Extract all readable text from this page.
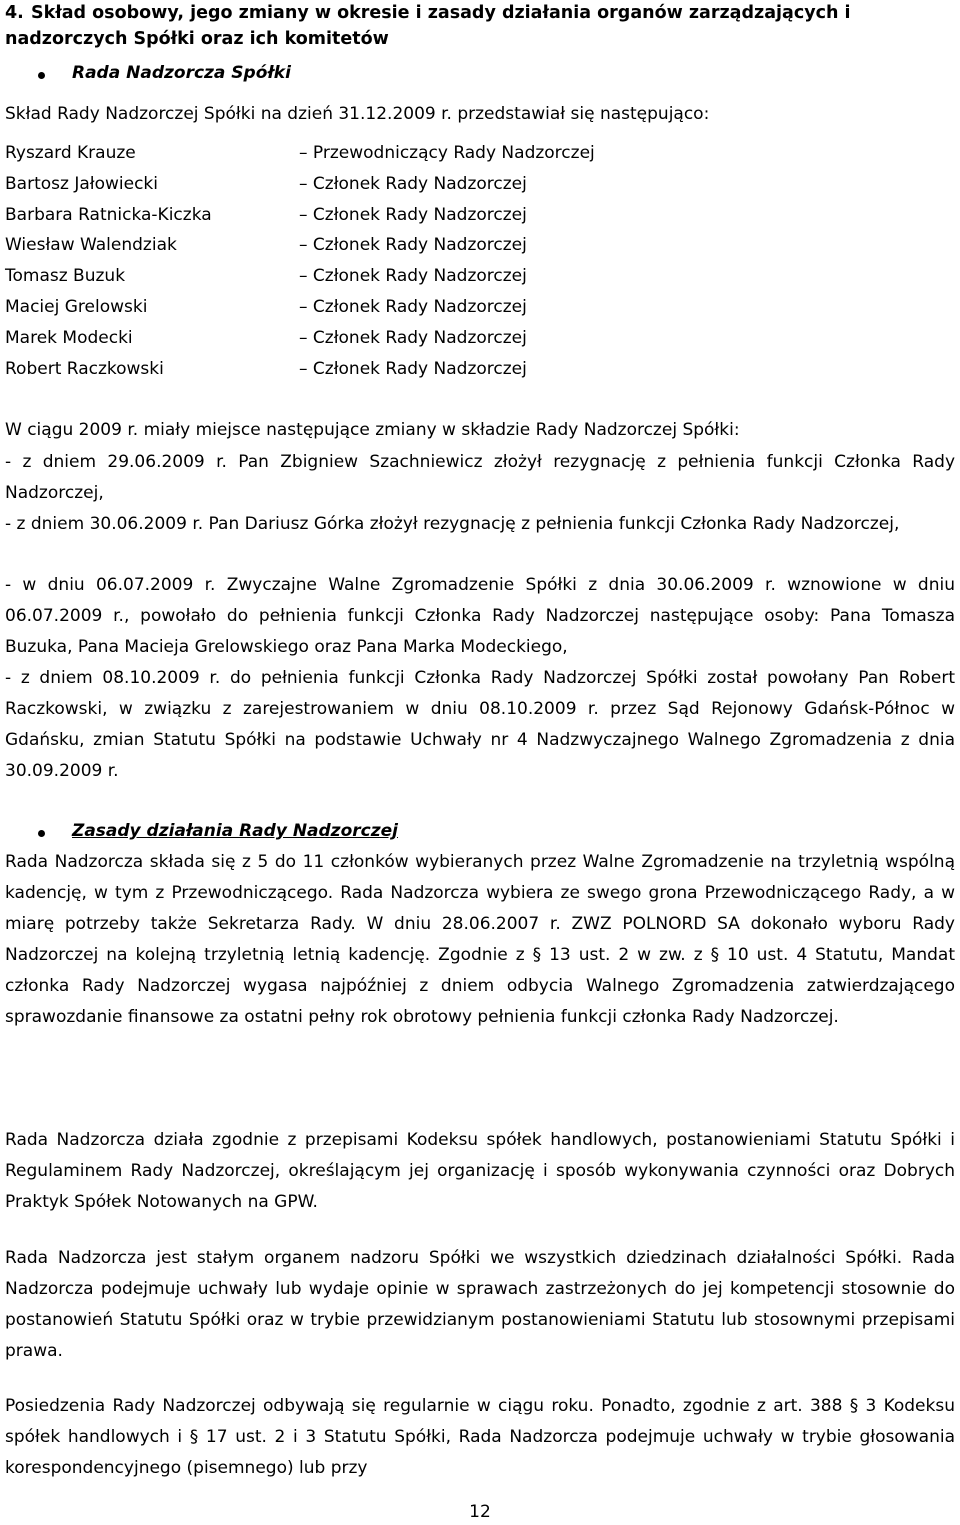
4. Skład osobowy, jego zmiany w okresie i zasady działania organów zarządzających i nadzorczych Spółki oraz ich komitetów
Rada Nadzorcza Spółki
Skład Rady Nadzorczej Spółki na dzień 31.12.2009 r. przedstawiał się następująco:
Ryszard Krauze	– Przewodniczący Rady Nadzorczej
Bartosz Jałowiecki	– Członek Rady Nadzorczej
Barbara Ratnicka-Kiczka	– Członek Rady Nadzorczej
Wiesław Walendziak	– Członek Rady Nadzorczej
Tomasz Buzuk	– Członek Rady Nadzorczej
Maciej Grelowski	– Członek Rady Nadzorczej
Marek Modecki	– Członek Rady Nadzorczej
Robert Raczkowski	– Członek Rady Nadzorczej
W ciągu 2009 r. miały miejsce następujące zmiany w składzie Rady Nadzorczej Spółki:
- z dniem 29.06.2009 r. Pan Zbigniew Szachniewicz złożył rezygnację z pełnienia funkcji Członka Rady Nadzorczej,
- z dniem 30.06.2009 r. Pan Dariusz Górka złożył rezygnację z pełnienia funkcji Członka Rady Nadzorczej,
- w dniu 06.07.2009 r. Zwyczajne Walne Zgromadzenie Spółki z dnia 30.06.2009 r. wznowione w dniu 06.07.2009 r., powołało do pełnienia funkcji Członka Rady Nadzorczej następujące osoby: Pana Tomasza Buzuka, Pana Macieja Grelowskiego oraz Pana Marka Modeckiego,
- z dniem 08.10.2009 r. do pełnienia funkcji Członka Rady Nadzorczej Spółki został powołany Pan Robert Raczkowski, w związku z zarejestrowaniem w dniu 08.10.2009 r. przez Sąd Rejonowy Gdańsk-Północ w Gdańsku, zmian Statutu Spółki na podstawie Uchwały nr 4 Nadzwyczajnego Walnego Zgromadzenia z dnia 30.09.2009 r.
Zasady działania Rady Nadzorczej
Rada Nadzorcza składa się z 5 do 11 członków wybieranych przez Walne Zgromadzenie na trzyletnią wspólną kadencję, w tym z Przewodniczącego. Rada Nadzorcza wybiera ze swego grona Przewodniczącego Rady, a w miarę potrzeby także Sekretarza Rady. W dniu 28.06.2007 r. ZWZ POLNORD SA dokonało wyboru Rady Nadzorczej na kolejną trzyletnią letnią kadencję. Zgodnie z § 13 ust. 2 w zw. z § 10 ust. 4 Statutu, Mandat członka Rady Nadzorczej wygasa najpóźniej z dniem odbycia Walnego Zgromadzenia zatwierdzającego sprawozdanie finansowe za ostatni pełny rok obrotowy pełnienia funkcji członka Rady Nadzorczej.
Rada Nadzorcza działa zgodnie z przepisami Kodeksu spółek handlowych, postanowieniami Statutu Spółki i Regulaminem Rady Nadzorczej, określającym jej organizację i sposób wykonywania czynności oraz Dobrych Praktyk Spółek Notowanych na GPW.
Rada Nadzorcza jest stałym organem nadzoru Spółki we wszystkich dziedzinach działalności Spółki. Rada Nadzorcza podejmuje uchwały lub wydaje opinie w sprawach zastrzeżonych do jej kompetencji stosownie do postanowień Statutu Spółki oraz w trybie przewidzianym postanowieniami Statutu lub stosownymi przepisami prawa.
Posiedzenia Rady Nadzorczej odbywają się regularnie w ciągu roku. Ponadto, zgodnie z art. 388 § 3 Kodeksu spółek handlowych i § 17 ust. 2 i 3 Statutu Spółki, Rada Nadzorcza podejmuje uchwały w trybie głosowania korespondencyjnego (pisemnego) lub przy
12
